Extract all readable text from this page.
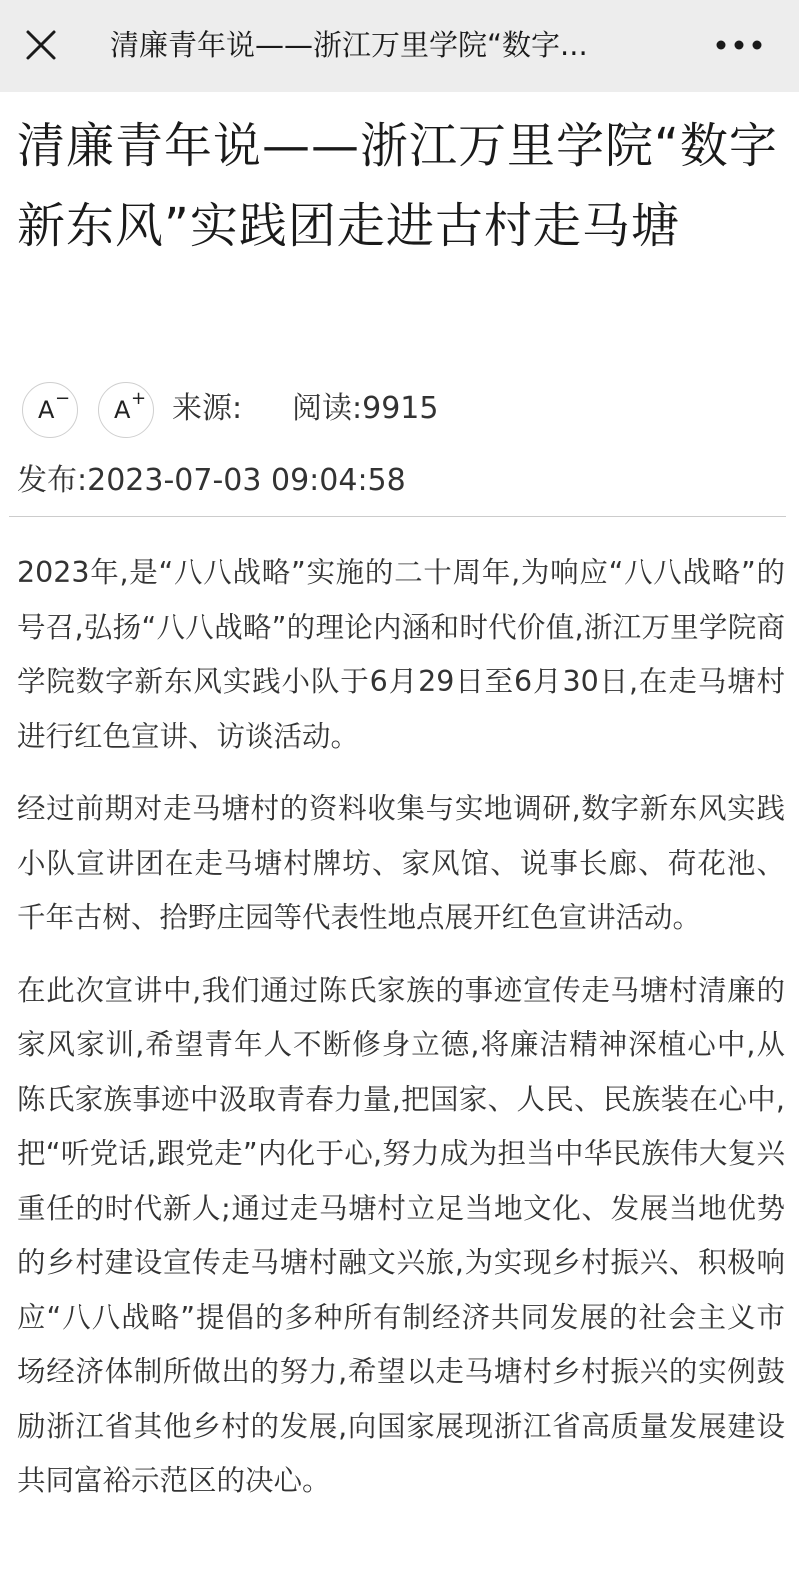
清廉青年说——浙江万里学院“数字...
清廉青年说——浙江万里学院“数字新东风”实践团走进古村走马塘
A − A + 来源: 阅读:9915
发布:2023-07-03 09:04:58

2023年,是“八八战略”实施的二十周年,为响应“八八战略”的号召,弘扬“八八战略”的理论内涵和时代价值,浙江万里学院商学院数字新东风实践小队于6月29日至6月30日,在走马塘村进行红色宣讲、访谈活动。

经过前期对走马塘村的资料收集与实地调研,数字新东风实践小队宣讲团在走马塘村牌坊、家风馆、说事长廊、荷花池、千年古树、拾野庄园等代表性地点展开红色宣讲活动。

在此次宣讲中,我们通过陈氏家族的事迹宣传走马塘村清廉的家风家训,希望青年人不断修身立德,将廉洁精神深植心中,从陈氏家族事迹中汲取青春力量,把国家、人民、民族装在心中,把“听党话,跟党走”内化于心,努力成为担当中华民族伟大复兴重任的时代新人;通过走马塘村立足当地文化、发展当地优势的乡村建设宣传走马塘村融文兴旅,为实现乡村振兴、积极响应“八八战略”提倡的多种所有制经济共同发展的社会主义市场经济体制所做出的努力,希望以走马塘村乡村振兴的实例鼓励浙江省其他乡村的发展,向国家展现浙江省高质量发展建设共同富裕示范区的决心。
